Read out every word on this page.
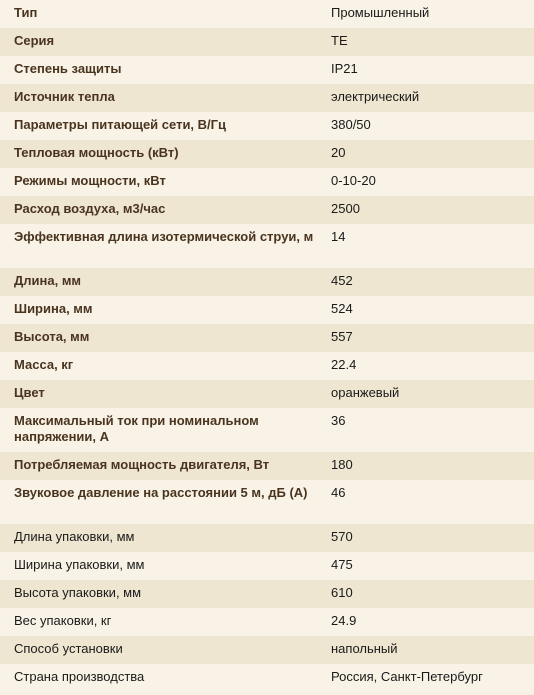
Тип	Промышленный
Серия	TE
Степень защиты	IP21
Источник тепла	электрический
Параметры питающей сети, В/Гц	380/50
Тепловая мощность (кВт)	20
Режимы мощности, кВт	0-10-20
Расход воздуха, м3/час	2500
Эффективная длина изотермической струи, м	14
Длина, мм	452
Ширина, мм	524
Высота, мм	557
Масса, кг	22.4
Цвет	оранжевый
Максимальный ток при номинальном напряжении, А	36
Потребляемая мощность двигателя, Вт	180
Звуковое давление на расстоянии 5 м, дБ (А)	46
Длина упаковки, мм	570
Ширина упаковки, мм	475
Высота упаковки, мм	610
Вес упаковки, кг	24.9
Способ установки	напольный
Страна производства	Россия, Санкт-Петербург
